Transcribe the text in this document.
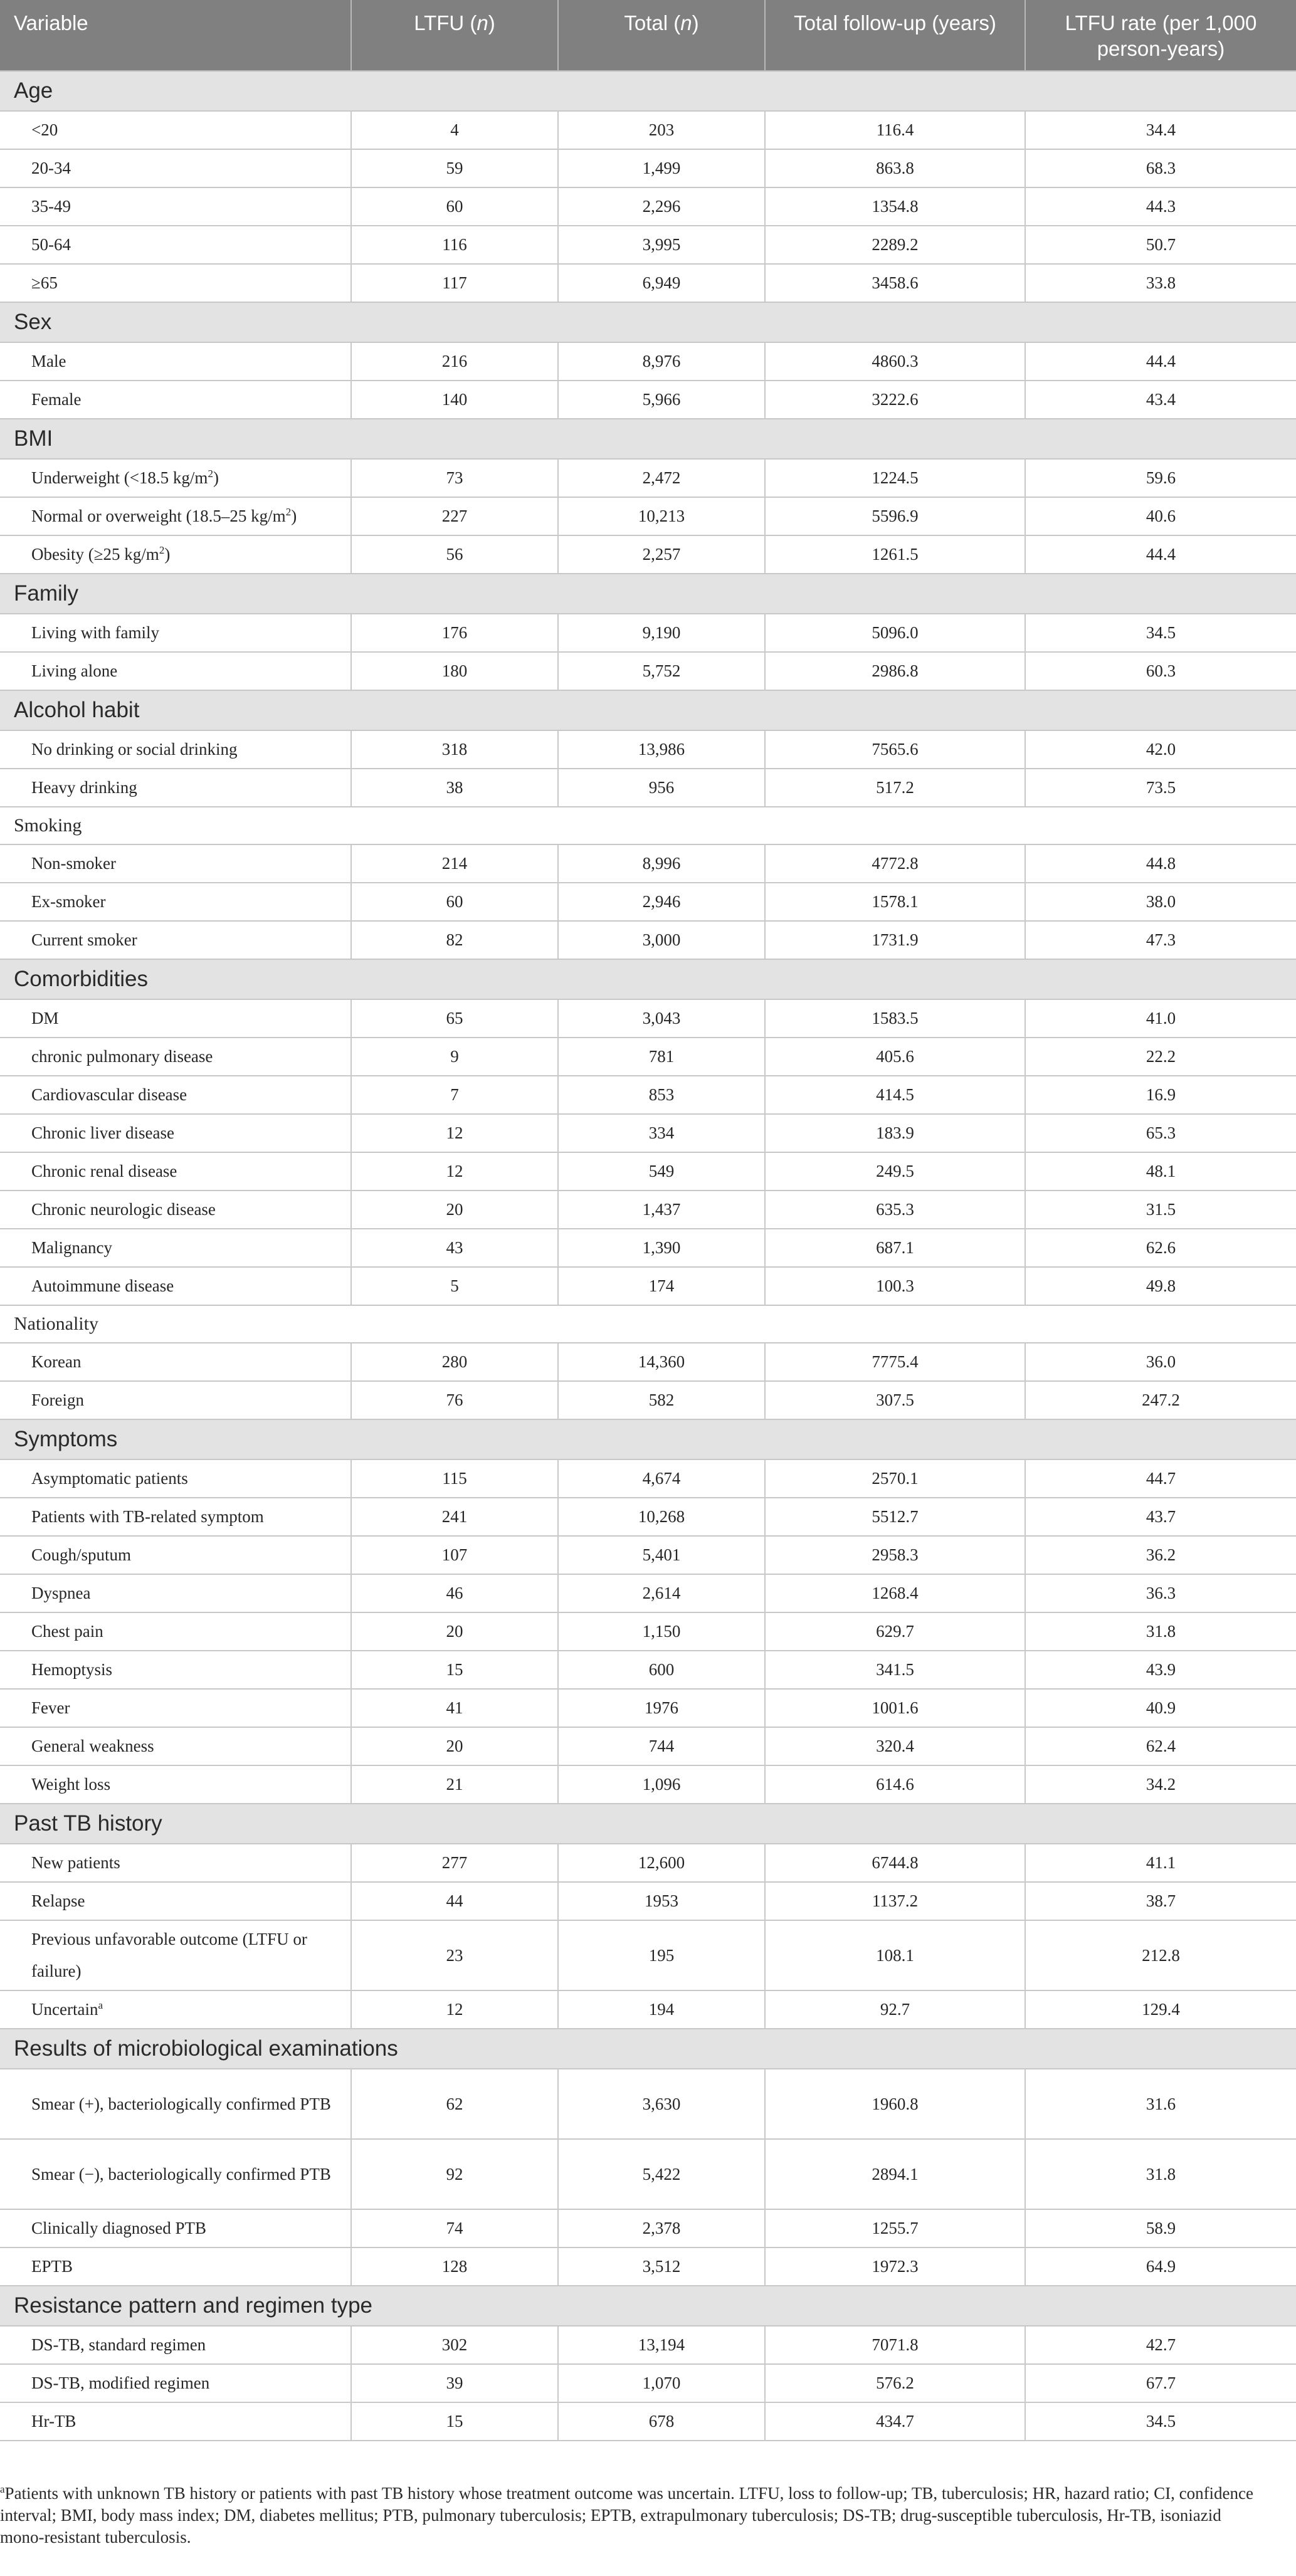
Variable	LTFU (n)	Total (n)	Total follow-up (years)	LTFU rate (per 1,000 person-years)
Age				
<20	4	203	116.4	34.4
20-34	59	1,499	863.8	68.3
35-49	60	2,296	1354.8	44.3
50-64	116	3,995	2289.2	50.7
≥65	117	6,949	3458.6	33.8
Sex				
Male	216	8,976	4860.3	44.4
Female	140	5,966	3222.6	43.4
BMI				
Underweight (<18.5 $kg/m^2$)	73	2,472	1224.5	59.6
Normal or overweight (18.5–25 $kg/m^2$)	227	10,213	5596.9	40.6
Obesity (≥25 $kg/m^2$)	56	2,257	1261.5	44.4
Family				
Living with family	176	9,190	5096.0	34.5
Living alone	180	5,752	2986.8	60.3
Alcohol habit				
No drinking or social drinking	318	13,986	7565.6	42.0
Heavy drinking	38	956	517.2	73.5
Smoking				
Non-smoker	214	8,996	4772.8	44.8
Ex-smoker	60	2,946	1578.1	38.0
Current smoker	82	3,000	1731.9	47.3
Comorbidities				
DM	65	3,043	1583.5	41.0
chronic pulmonary disease	9	781	405.6	22.2
Cardiovascular disease	7	853	414.5	16.9
Chronic liver disease	12	334	183.9	65.3
Chronic renal disease	12	549	249.5	48.1
Chronic neurologic disease	20	1,437	635.3	31.5
Malignancy	43	1,390	687.1	62.6
Autoimmune disease	5	174	100.3	49.8
Nationality				
Korean	280	14,360	7775.4	36.0
Foreign	76	582	307.5	247.2
Symptoms				
Asymptomatic patients	115	4,674	2570.1	44.7
Patients with TB-related symptom	241	10,268	5512.7	43.7
Cough/sputum	107	5,401	2958.3	36.2
Dyspnea	46	2,614	1268.4	36.3
Chest pain	20	1,150	629.7	31.8
Hemoptysis	15	600	341.5	43.9
Fever	41	1976	1001.6	40.9
General weakness	20	744	320.4	62.4
Weight loss	21	1,096	614.6	34.2
Past TB history				
New patients	277	12,600	6744.8	41.1
Relapse	44	1953	1137.2	38.7
Previous unfavorable outcome (LTFU or failure)	23	195	108.1	212.8
Uncertain$^a$	12	194	92.7	129.4
Results of microbiological examinations				
Smear (+), bacteriologically confirmed PTB	62	3,630	1960.8	31.6
Smear (−), bacteriologically confirmed PTB	92	5,422	2894.1	31.8
Clinically diagnosed PTB	74	2,378	1255.7	58.9
EPTB	128	3,512	1972.3	64.9
Resistance pattern and regimen type				
DS-TB, standard regimen	302	13,194	7071.8	42.7
DS-TB, modified regimen	39	1,070	576.2	67.7
Hr-TB	15	678	434.7	34.5
$^a$Patients with unknown TB history or patients with past TB history whose treatment outcome was uncertain. LTFU, loss to follow-up; TB, tuberculosis; HR, hazard ratio; CI, confidence interval; BMI, body mass index; DM, diabetes mellitus; PTB, pulmonary tuberculosis; EPTB, extrapulmonary tuberculosis; DS-TB; drug-susceptible tuberculosis, Hr-TB, isoniazid mono-resistant tuberculosis.
